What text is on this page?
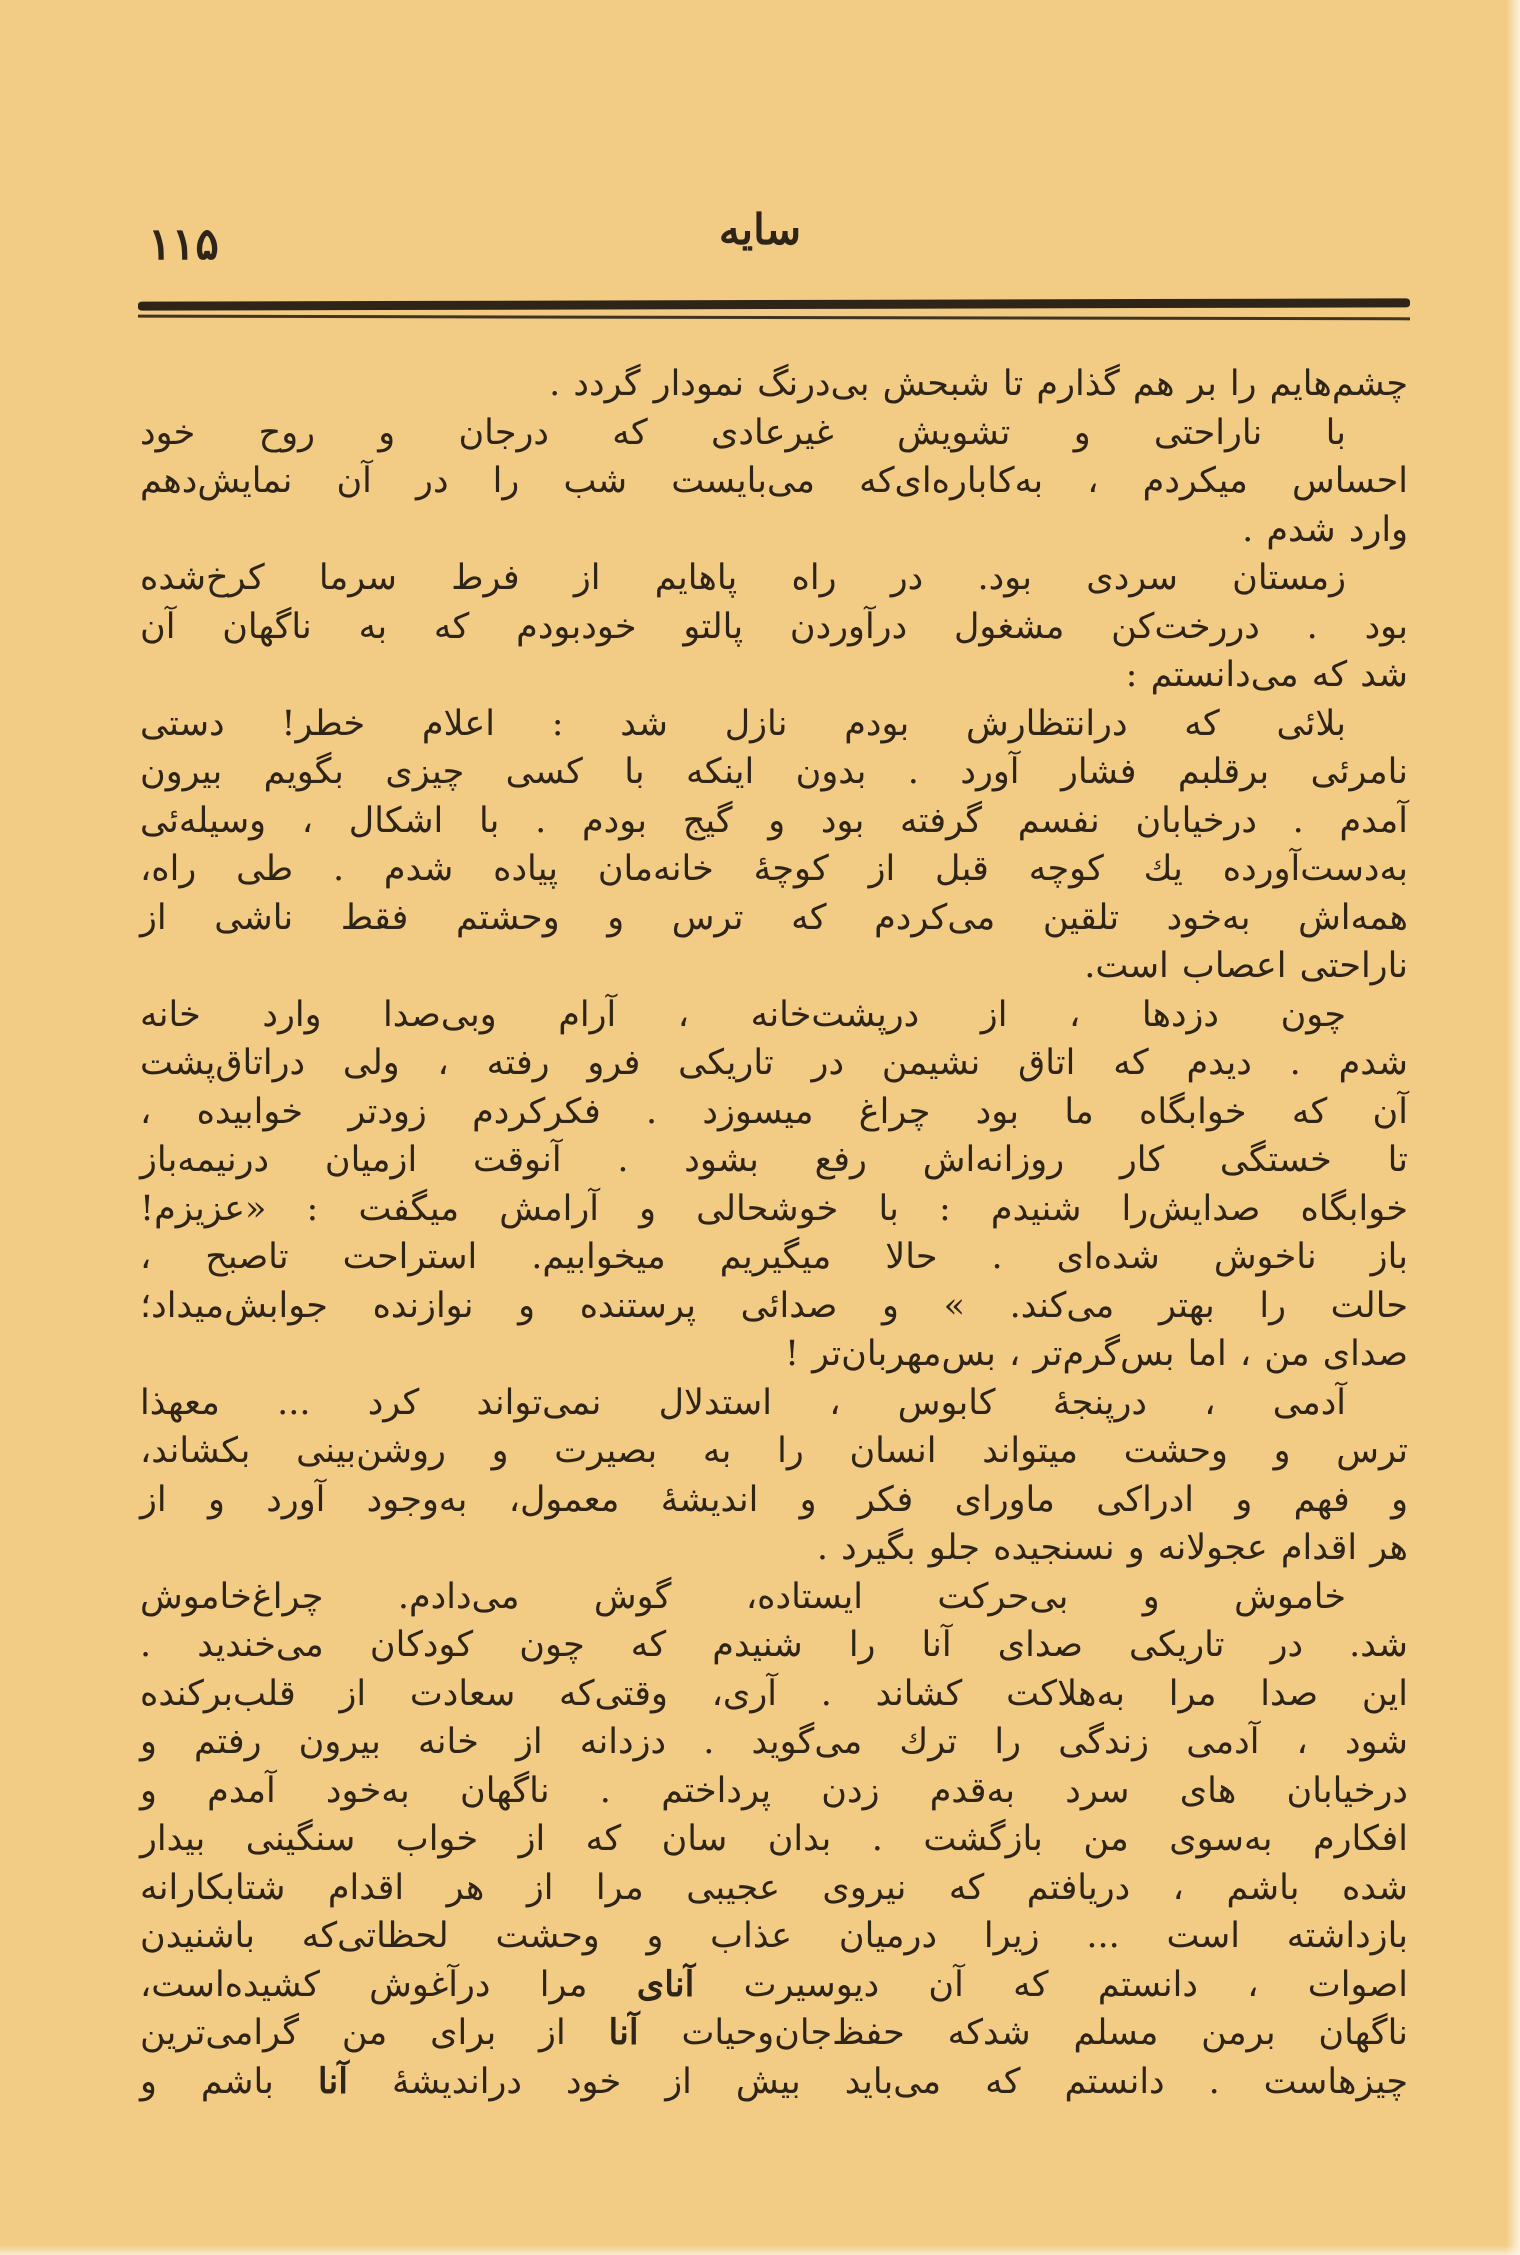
۱۱۵	سایه
چشم‌هایم را بر هم گذارم تا شبحش بی‌درنگ نمودار گردد .
با ناراحتی و تشویش غیرعادی که درجان و روح خود
احساس میکردم ، به‌کاباره‌ای‌که می‌بایست شب را در آن نمایش‌دهم
وارد شدم .
زمستان سردی بود. در راه پاهایم از فرط سرما کرخ‌شده
بود . دررخت‌کن مشغول درآوردن پالتو خودبودم که به ناگهان آن
شد که می‌دانستم :
بلائی که درانتظارش بودم نازل شد : اعلام خطر! دستی
نامرئی برقلبم فشار آورد . بدون اینکه با کسی چیزی بگویم بیرون
آمدم . درخیابان نفسم گرفته بود و گیج بودم . با اشکال ، وسیله‌ئی
به‌دست‌آورده یك کوچه قبل از کوچهٔ خانه‌مان پیاده شدم . طی راه،
همه‌اش به‌خود تلقین می‌کردم که ترس و وحشتم فقط ناشی از
ناراحتی اعصاب است.
چون دزدها ، از درپشت‌خانه ، آرام وبی‌صدا وارد خانه
شدم . دیدم که اتاق نشیمن در تاریکی فرو رفته ، ولی دراتاق‌پشت
آن که خوابگاه ما بود چراغ میسوزد . فکرکردم زودتر خوابیده ،
تا خستگی کار روزانه‌اش رفع بشود . آنوقت ازمیان درنیمه‌باز
خوابگاه صدایش‌را شنیدم : با خوشحالی و آرامش میگفت : «عزیزم!
باز ناخوش شده‌ای . حالا میگیریم میخوابیم. استراحت تاصبح ،
حالت را بهتر می‌کند. » و صدائی پرستنده و نوازنده جوابش‌میداد؛
صدای من ، اما بس‌گرم‌تر ، بس‌مهربان‌تر !
آدمی ، درپنجهٔ کابوس ، استدلال نمی‌تواند کرد ... معهذا
ترس و وحشت میتواند انسان را به بصیرت و روشن‌بینی بکشاند،
و فهم و ادراکی ماورای فکر و اندیشهٔ معمول، به‌وجود آورد و از
هر اقدام عجولانه و نسنجیده جلو بگیرد .
خاموش و بی‌حرکت ایستاده، گوش می‌دادم. چراغ‌خاموش
شد. در تاریکی صدای آنا را شنیدم که چون کودکان می‌خندید .
این صدا مرا به‌هلاکت کشاند . آری، وقتی‌که سعادت از قلب‌برکنده
شود ، آدمی زندگی را ترك می‌گوید . دزدانه از خانه بیرون رفتم و
درخیابان های سرد به‌قدم زدن پرداختم . ناگهان به‌خود آمدم و
افکارم به‌سوی من بازگشت . بدان سان که از خواب سنگینی بیدار
شده باشم ، دریافتم که نیروی عجیبی مرا از هر اقدام شتابکارانه
بازداشته است ... زیرا درمیان عذاب و وحشت لحظاتی‌که باشنیدن
اصوات ، دانستم که آن دیوسیرت آنای مرا درآغوش کشیده‌است،
ناگهان برمن مسلم شدکه حفظ‌جان‌وحیات آنا از برای من گرامی‌ترین
چیزهاست . دانستم که می‌باید بیش از خود دراندیشهٔ آنا باشم و
